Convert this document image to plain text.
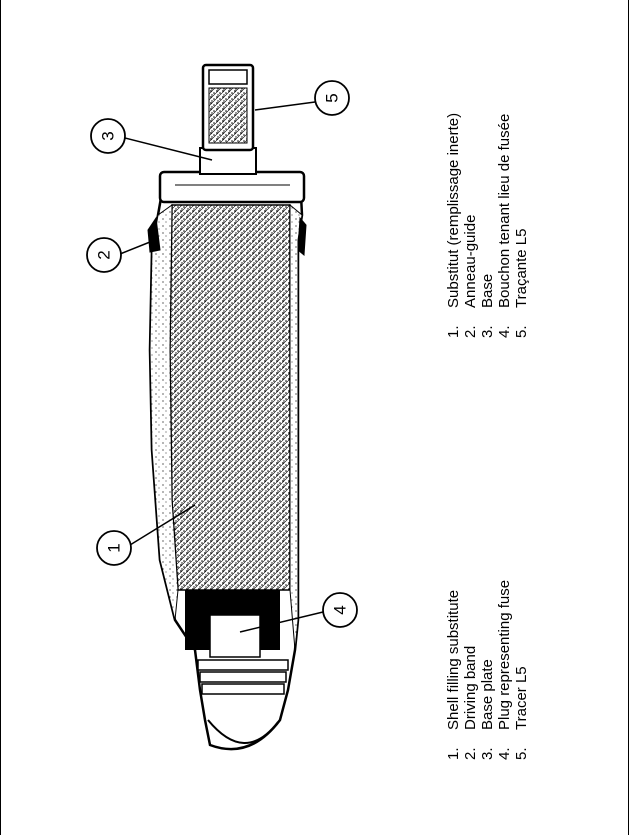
1
2
3
4
5
1.
Shell filling substitute
2.
Driving band
3.
Base plate
4.
Plug representing fuse
5.
Tracer L5
1.
Substitut (remplissage inerte)
2.
Anneau-guide
3.
Base
4.
Bouchon tenant lieu de fusée
5.
Traçante L5
